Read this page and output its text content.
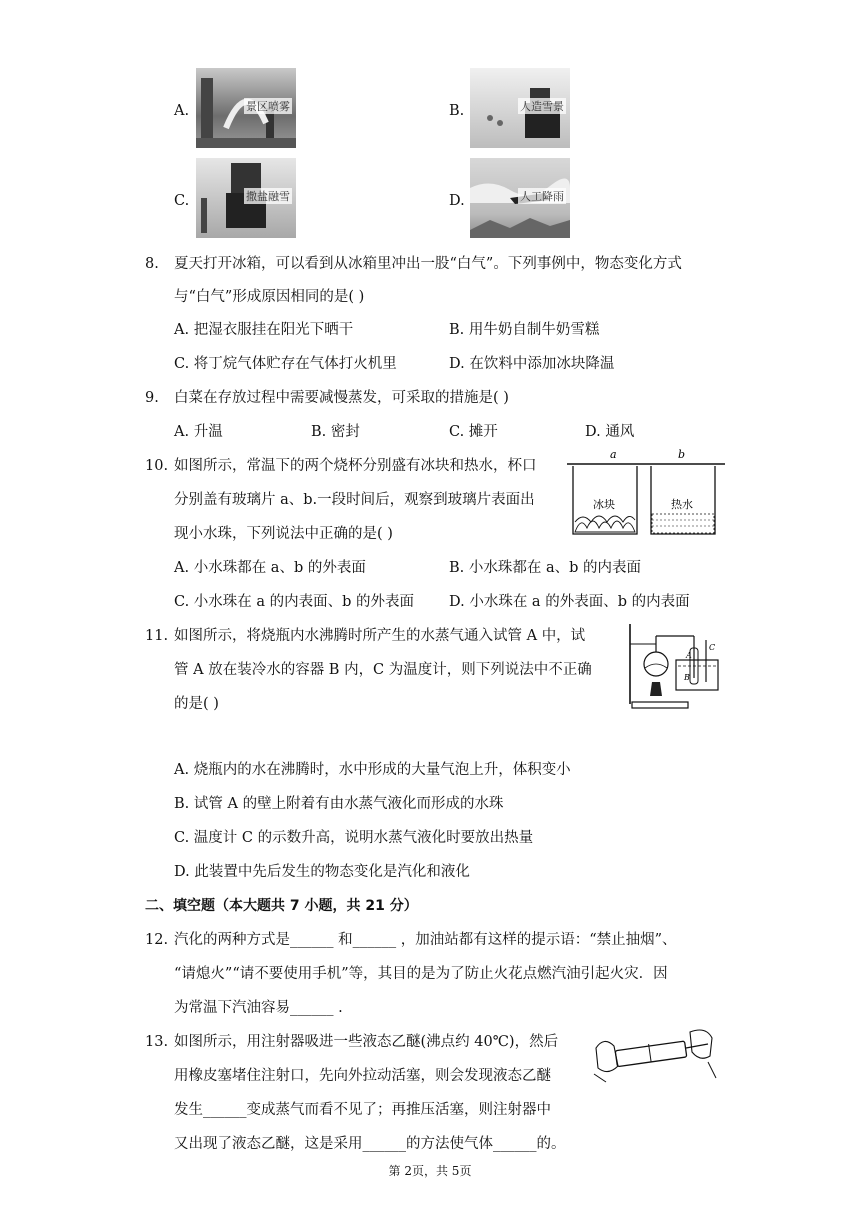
A.	景区喷雾	B.	人造雪景
C.	撒盐融雪	D.	人工降雨
8. 夏天打开冰箱，可以看到从冰箱里冲出一股“白气”。下列事例中，物态变化方式
与“白气”形成原因相同的是( )
A. 把湿衣服挂在阳光下晒干	B. 用牛奶自制牛奶雪糕
C. 将丁烷气体贮存在气体打火机里	D. 在饮料中添加冰块降温
9. 白菜在存放过程中需要减慢蒸发，可采取的措施是( )
A. 升温	B. 密封	C. 摊开	D. 通风
10. 如图所示，常温下的两个烧杯分别盛有冰块和热水，杯口
分别盖有玻璃片 a、b.一段时间后，观察到玻璃片表面出
现小水珠，下列说法中正确的是( )
a	b
冰块	热水
A. 小水珠都在 a、b 的外表面	B. 小水珠都在 a、b 的内表面
C. 小水珠在 a 的内表面、b 的外表面 D. 小水珠在 a 的外表面、b 的内表面
11. 如图所示，将烧瓶内水沸腾时所产生的水蒸气通入试管 A 中，试
管 A 放在装冷水的容器 B 内，C 为温度计，则下列说法中不正确
的是( )
A
B
C
A. 烧瓶内的水在沸腾时，水中形成的大量气泡上升，体积变小
B. 试管 A 的壁上附着有由水蒸气液化而形成的水珠
C. 温度计 C 的示数升高，说明水蒸气液化时要放出热量
D. 此装置中先后发生的物态变化是汽化和液化
二、填空题（本大题共 7 小题，共 21 分）
12. 汽化的两种方式是______ 和______ ，加油站都有这样的提示语：“禁止抽烟”、
“请熄火”“请不要使用手机”等，其目的是为了防止火花点燃汽油引起火灾．因
为常温下汽油容易______ .
13. 如图所示，用注射器吸进一些液态乙醚(沸点约 40℃)，然后
用橡皮塞堵住注射口，先向外拉动活塞，则会发现液态乙醚
发生______变成蒸气而看不见了；再推压活塞，则注射器中
又出现了液态乙醚，这是采用______的方法使气体______的。
第 2页，共 5页
